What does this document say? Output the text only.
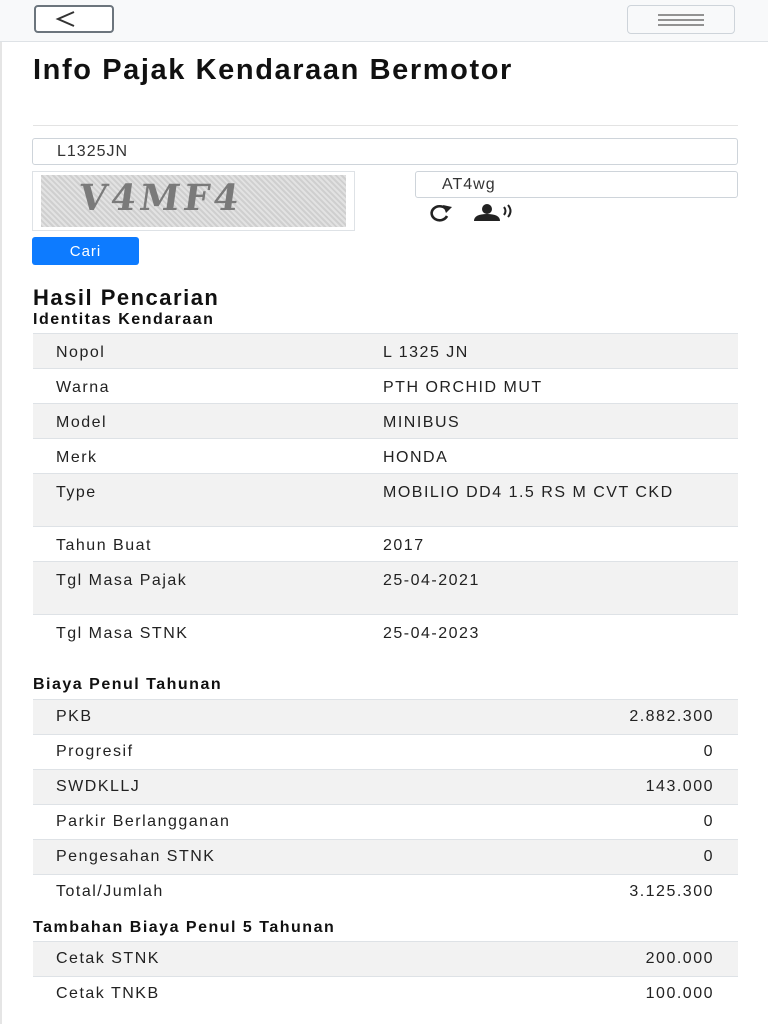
Info Pajak Kendaraan Bermotor
L1325JN
V4MF4
AT4wg
Cari
Hasil Pencarian
Identitas Kendaraan
Nopol	L 1325 JN
Warna	PTH ORCHID MUT
Model	MINIBUS
Merk	HONDA
Type	MOBILIO DD4 1.5 RS M CVT CKD
Tahun Buat	2017
Tgl Masa Pajak	25-04-2021
Tgl Masa STNK	25-04-2023
Biaya Penul Tahunan
PKB	2.882.300
Progresif	0
SWDKLLJ	143.000
Parkir Berlangganan	0
Pengesahan STNK	0
Total/Jumlah	3.125.300
Tambahan Biaya Penul 5 Tahunan
Cetak STNK	200.000
Cetak TNKB	100.000
